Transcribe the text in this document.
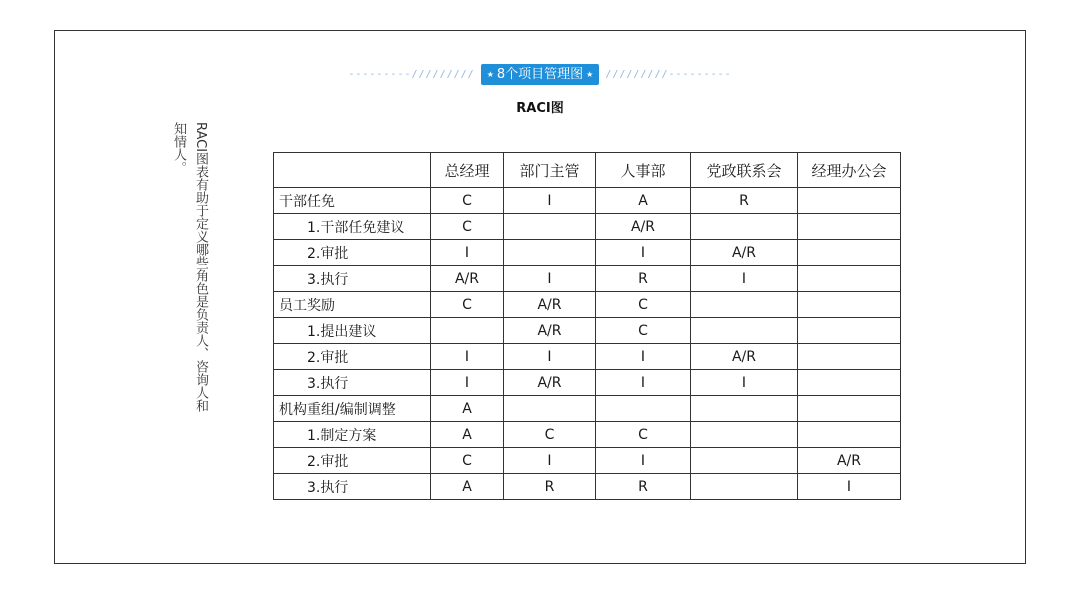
---------///////// ★ 8个项目管理图 ★ /////////---------
RACI图
RACI图表有助于定义哪些角色是负责人、咨询人和
知情人。
		总经理	部门主管	人事部	党政联系会	经理办公会
干部任免	C	I	A	R	
1.干部任免建议	C		A/R		
2.审批	I		I	A/R	
3.执行	A/R	I	R	I	
员工奖励	C	A/R	C		
1.提出建议		A/R	C		
2.审批	I	I	I	A/R	
3.执行	I	A/R	I	I	
机构重组/编制调整	A				
1.制定方案	A	C	C		
2.审批	C	I	I		A/R
3.执行	A	R	R		I
